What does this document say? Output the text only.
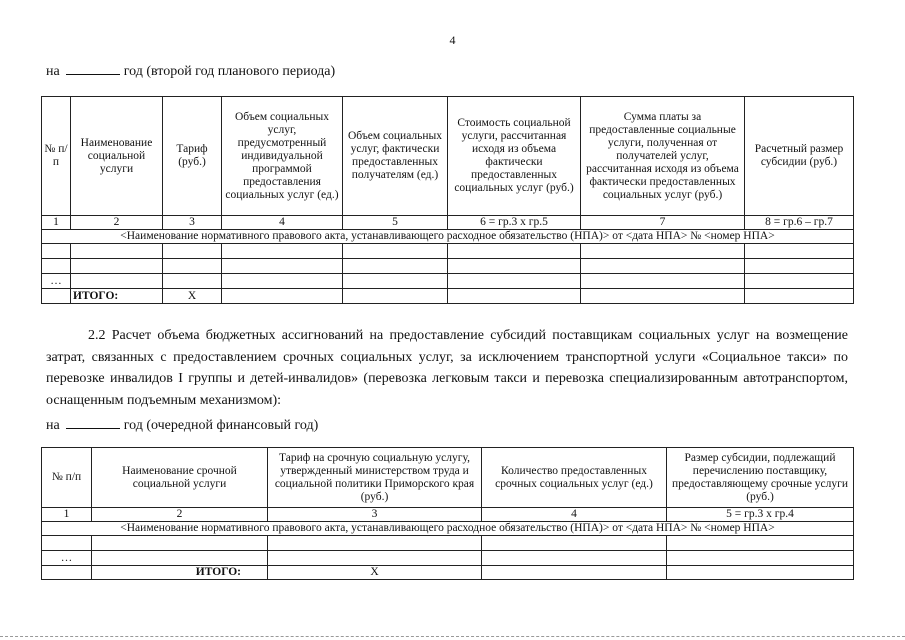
4
на	год (второй год планового периода)
№ п/п	Наименование социальной услуги	Тариф (руб.)	Объем социальных услуг, предусмотренный индивидуальной программой предоставления социальных услуг (ед.)	Объем социальных услуг, фактически предоставленных получателям (ед.)	Стоимость социальной услуги, рассчитанная исходя из объема фактически предоставленных социальных услуг (руб.)	Сумма платы за предоставленные социальные услуги, полученная от получателей услуг, рассчитанная исходя из объема фактически предоставленных социальных услуг (руб.)	Расчетный размер субсидии (руб.)
1	2	3	4	5	6 = гр.3 x гр.5	7	8 = гр.6 – гр.7
<Наименование нормативного правового акта, устанавливающего расходное обязательство (НПА)> от <дата НПА> № <номер НПА>							

…							
	ИТОГО:	Х					
2.2 Расчет объема бюджетных ассигнований на предоставление субсидий поставщикам социальных услуг на возмещение затрат, связанных с предоставлением срочных социальных услуг, за исключением транспортной услуги «Социальное такси» по перевозке инвалидов I группы и детей-инвалидов» (перевозка легковым такси и перевозка специализированным автотранспортом, оснащенным подъемным механизмом):
на	год (очередной финансовый год)
№ п/п	Наименование срочной социальной услуги	Тариф на срочную социальную услугу, утвержденный министерством труда и социальной политики Приморского края (руб.)	Количество предоставленных срочных социальных услуг (ед.)	Размер субсидии, подлежащий перечислению поставщику, предоставляющему срочные услуги (руб.)
1	2	3	4	5 = гр.3 x гр.4
<Наименование нормативного правового акта, устанавливающего расходное обязательство (НПА)> от <дата НПА> № <номер НПА>				

…				
	ИТОГО:	Х		
